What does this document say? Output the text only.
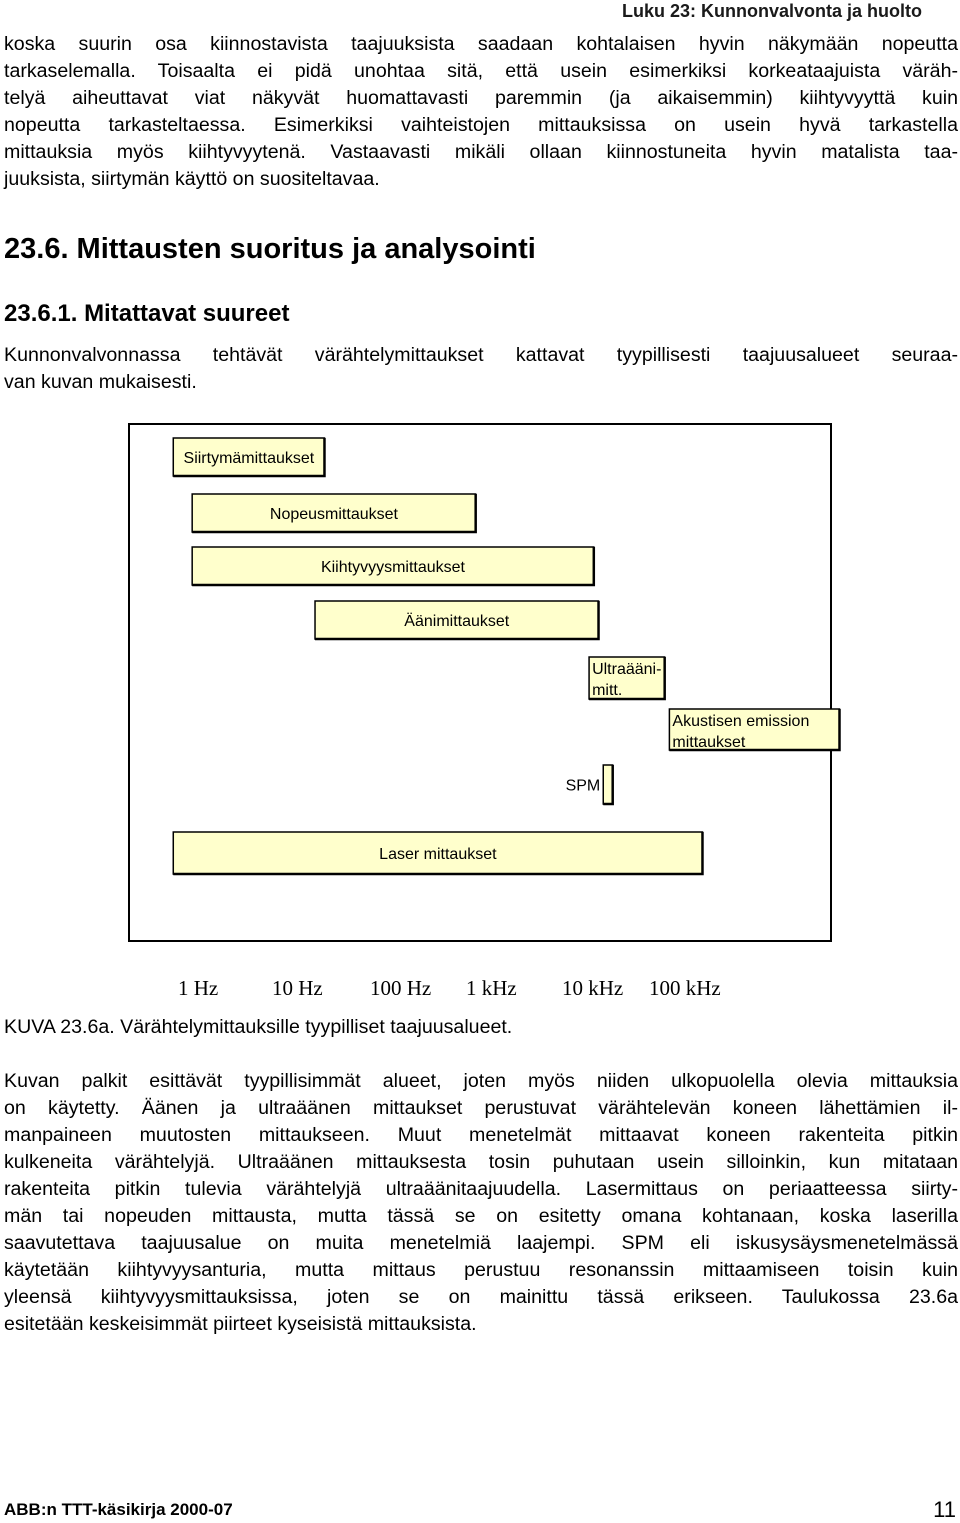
Luku 23: Kunnonvalvonta ja huolto
koska suurin osa kiinnostavista taajuuksista saadaan kohtalaisen hyvin näkymään nopeutta
tarkaselemalla. Toisaalta ei pidä unohtaa sitä, että usein esimerkiksi korkeataajuista väräh-
telyä aiheuttavat viat näkyvät huomattavasti paremmin (ja aikaisemmin) kiihtyvyyttä kuin
nopeutta tarkasteltaessa. Esimerkiksi vaihteistojen mittauksissa on usein hyvä tarkastella
mittauksia myös kiihtyvyytenä. Vastaavasti mikäli ollaan kiinnostuneita hyvin matalista taa-
juuksista, siirtymän käyttö on suositeltavaa.
23.6. Mittausten suoritus ja analysointi
23.6.1. Mitattavat suureet
Kunnonvalvonnassa tehtävät värähtelymittaukset kattavat tyypillisesti taajuusalueet seuraa-
van kuvan mukaisesti.
Siirtymämittaukset
Nopeusmittaukset
Kiihtyvyysmittaukset
Äänimittaukset
Ultraääni-
mitt.
Akustisen emission
mittaukset
SPM
Laser mittaukset
1 Hz	10 Hz 100 Hz 1 kHz 10 kHz 100 kHz

KUVA 23.6a. Värähtelymittauksille tyypilliset taajuusalueet.

Kuvan palkit esittävät tyypillisimmät alueet, joten myös niiden ulkopuolella olevia mittauksia
on käytetty. Äänen ja ultraäänen mittaukset perustuvat värähtelevän koneen lähettämien il-
manpaineen muutosten mittaukseen. Muut menetelmät mittaavat koneen rakenteita pitkin
kulkeneita värähtelyjä. Ultraäänen mittauksesta tosin puhutaan usein silloinkin, kun mitataan
rakenteita pitkin tulevia värähtelyjä ultraäänitaajuudella. Lasermittaus on periaatteessa siirty-
män tai nopeuden mittausta, mutta tässä se on esitetty omana kohtanaan, koska laserilla
saavutettava taajuusalue on muita menetelmiä laajempi. SPM eli iskusysäysmenetelmässä
käytetään kiihtyvyysanturia, mutta mittaus perustuu resonanssin mittaamiseen toisin kuin
yleensä kiihtyvyysmittauksissa, joten se on mainittu tässä erikseen. Taulukossa 23.6a
esitetään keskeisimmät piirteet kyseisistä mittauksista.
ABB:n TTT-käsikirja 2000-07	11
